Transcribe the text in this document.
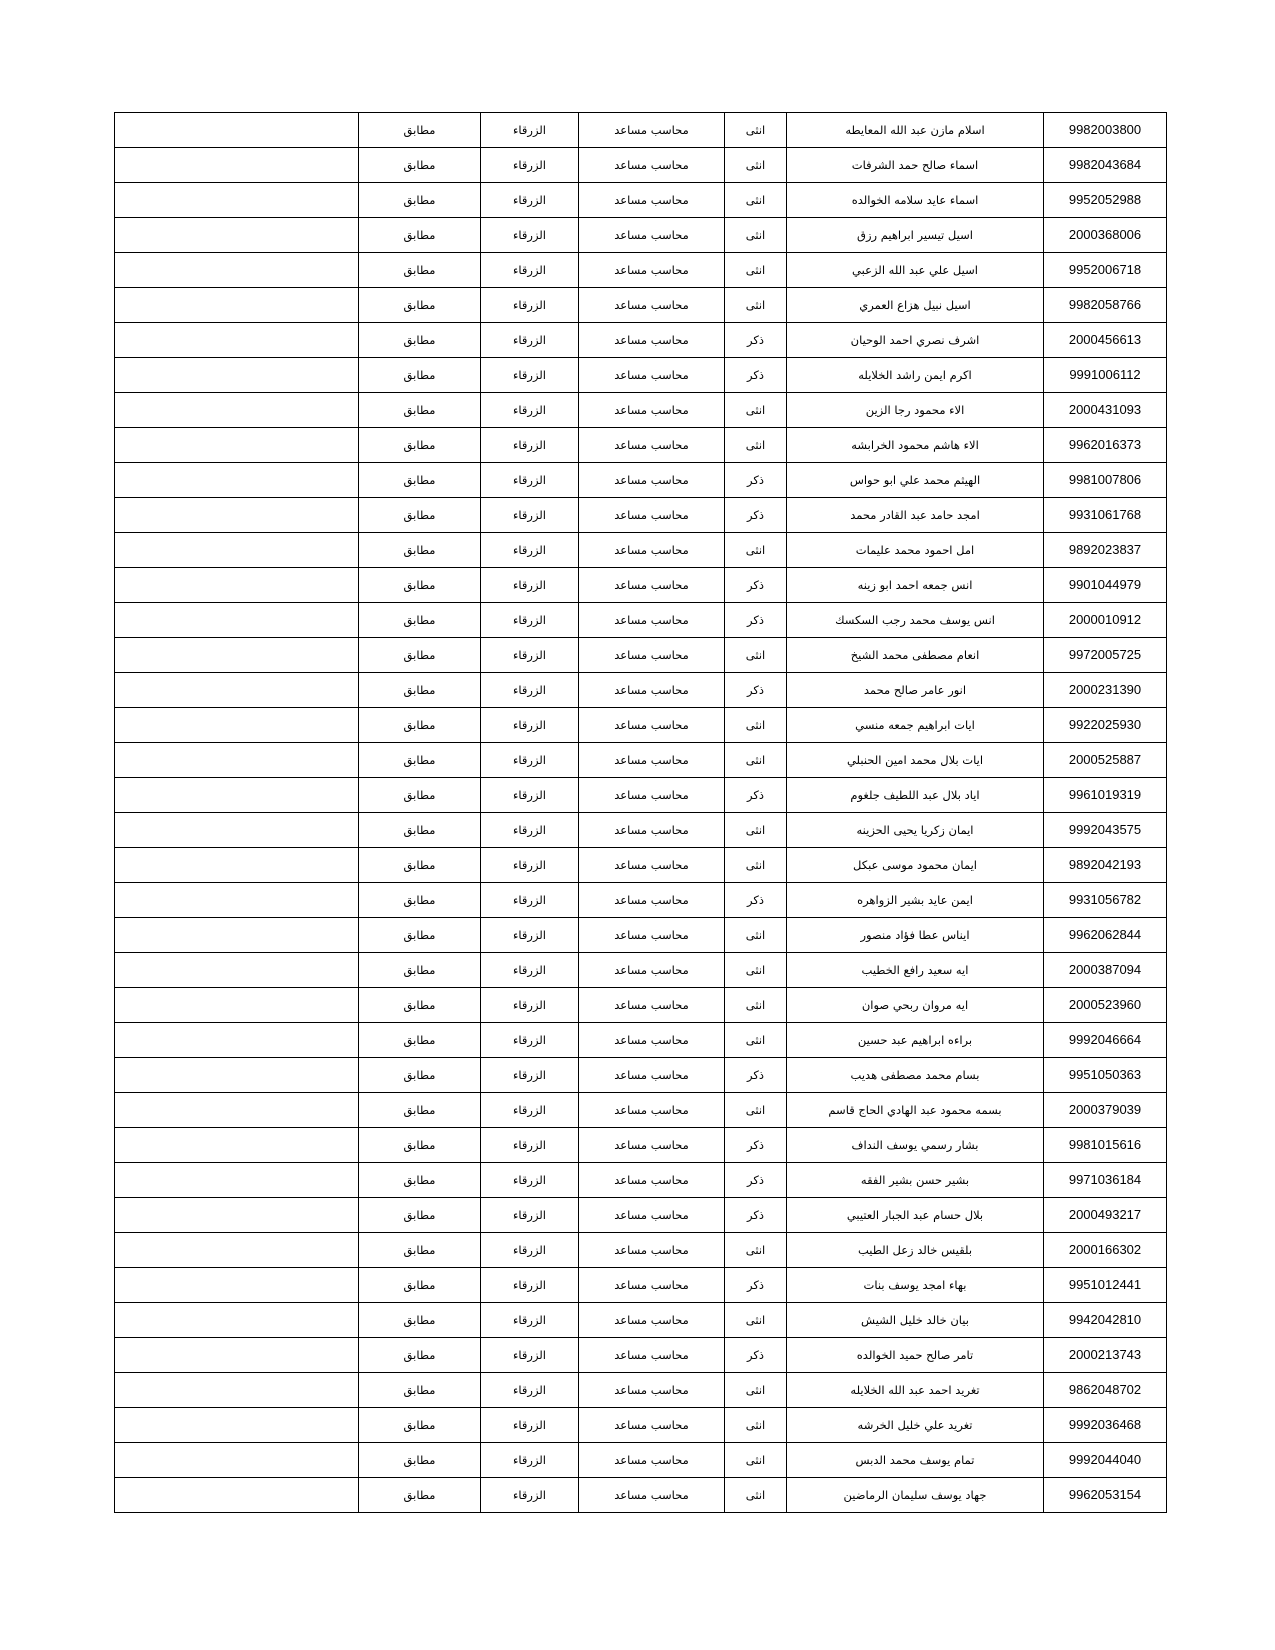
9982003800	اسلام مازن عبد الله المعايطه	انثى	محاسب مساعد	الزرقاء	مطابق	
9982043684	اسماء صالح حمد الشرفات	انثى	محاسب مساعد	الزرقاء	مطابق	
9952052988	اسماء عايد سلامه الخوالده	انثى	محاسب مساعد	الزرقاء	مطابق	
2000368006	اسيل تيسير ابراهيم رزق	انثى	محاسب مساعد	الزرقاء	مطابق	
9952006718	اسيل علي عبد الله الزعبي	انثى	محاسب مساعد	الزرقاء	مطابق	
9982058766	اسيل نبيل هزاع العمري	انثى	محاسب مساعد	الزرقاء	مطابق	
2000456613	اشرف نصري احمد الوحيان	ذكر	محاسب مساعد	الزرقاء	مطابق	
9991006112	اكرم ايمن راشد الخلايله	ذكر	محاسب مساعد	الزرقاء	مطابق	
2000431093	الاء محمود رجا الزين	انثى	محاسب مساعد	الزرقاء	مطابق	
9962016373	الاء هاشم محمود الخرابشه	انثى	محاسب مساعد	الزرقاء	مطابق	
9981007806	الهيثم محمد علي ابو حواس	ذكر	محاسب مساعد	الزرقاء	مطابق	
9931061768	امجد حامد عبد القادر محمد	ذكر	محاسب مساعد	الزرقاء	مطابق	
9892023837	امل احمود محمد عليمات	انثى	محاسب مساعد	الزرقاء	مطابق	
9901044979	انس جمعه احمد ابو زينه	ذكر	محاسب مساعد	الزرقاء	مطابق	
2000010912	انس يوسف محمد رجب السكسك	ذكر	محاسب مساعد	الزرقاء	مطابق	
9972005725	انعام مصطفى محمد الشيخ	انثى	محاسب مساعد	الزرقاء	مطابق	
2000231390	انور عامر صالح محمد	ذكر	محاسب مساعد	الزرقاء	مطابق	
9922025930	ايات ابراهيم جمعه منسي	انثى	محاسب مساعد	الزرقاء	مطابق	
2000525887	ايات بلال محمد امين الحنبلي	انثى	محاسب مساعد	الزرقاء	مطابق	
9961019319	اياد بلال عبد اللطيف جلغوم	ذكر	محاسب مساعد	الزرقاء	مطابق	
9992043575	ايمان زكريا يحيى الحزينه	انثى	محاسب مساعد	الزرقاء	مطابق	
9892042193	ايمان محمود موسى عبكل	انثى	محاسب مساعد	الزرقاء	مطابق	
9931056782	ايمن عايد بشير الزواهره	ذكر	محاسب مساعد	الزرقاء	مطابق	
9962062844	ايناس عطا فؤاد منصور	انثى	محاسب مساعد	الزرقاء	مطابق	
2000387094	ايه سعيد رافع الخطيب	انثى	محاسب مساعد	الزرقاء	مطابق	
2000523960	ايه مروان ربحي صوان	انثى	محاسب مساعد	الزرقاء	مطابق	
9992046664	براءه ابراهيم عبد حسين	انثى	محاسب مساعد	الزرقاء	مطابق	
9951050363	بسام محمد مصطفى هديب	ذكر	محاسب مساعد	الزرقاء	مطابق	
2000379039	بسمه محمود عبد الهادي الحاج قاسم	انثى	محاسب مساعد	الزرقاء	مطابق	
9981015616	بشار رسمي يوسف النداف	ذكر	محاسب مساعد	الزرقاء	مطابق	
9971036184	بشير حسن بشير الفقه	ذكر	محاسب مساعد	الزرقاء	مطابق	
2000493217	بلال حسام عبد الجبار العتيبي	ذكر	محاسب مساعد	الزرقاء	مطابق	
2000166302	بلقيس خالد زعل الطيب	انثى	محاسب مساعد	الزرقاء	مطابق	
9951012441	بهاء امجد يوسف بنات	ذكر	محاسب مساعد	الزرقاء	مطابق	
9942042810	بيان خالد خليل الشيش	انثى	محاسب مساعد	الزرقاء	مطابق	
2000213743	تامر صالح حميد الخوالده	ذكر	محاسب مساعد	الزرقاء	مطابق	
9862048702	تغريد احمد عبد الله الخلايله	انثى	محاسب مساعد	الزرقاء	مطابق	
9992036468	تغريد علي خليل الخرشه	انثى	محاسب مساعد	الزرقاء	مطابق	
9992044040	تمام يوسف محمد الدبس	انثى	محاسب مساعد	الزرقاء	مطابق	
9962053154	جهاد يوسف سليمان الرماضين	انثى	محاسب مساعد	الزرقاء	مطابق	
